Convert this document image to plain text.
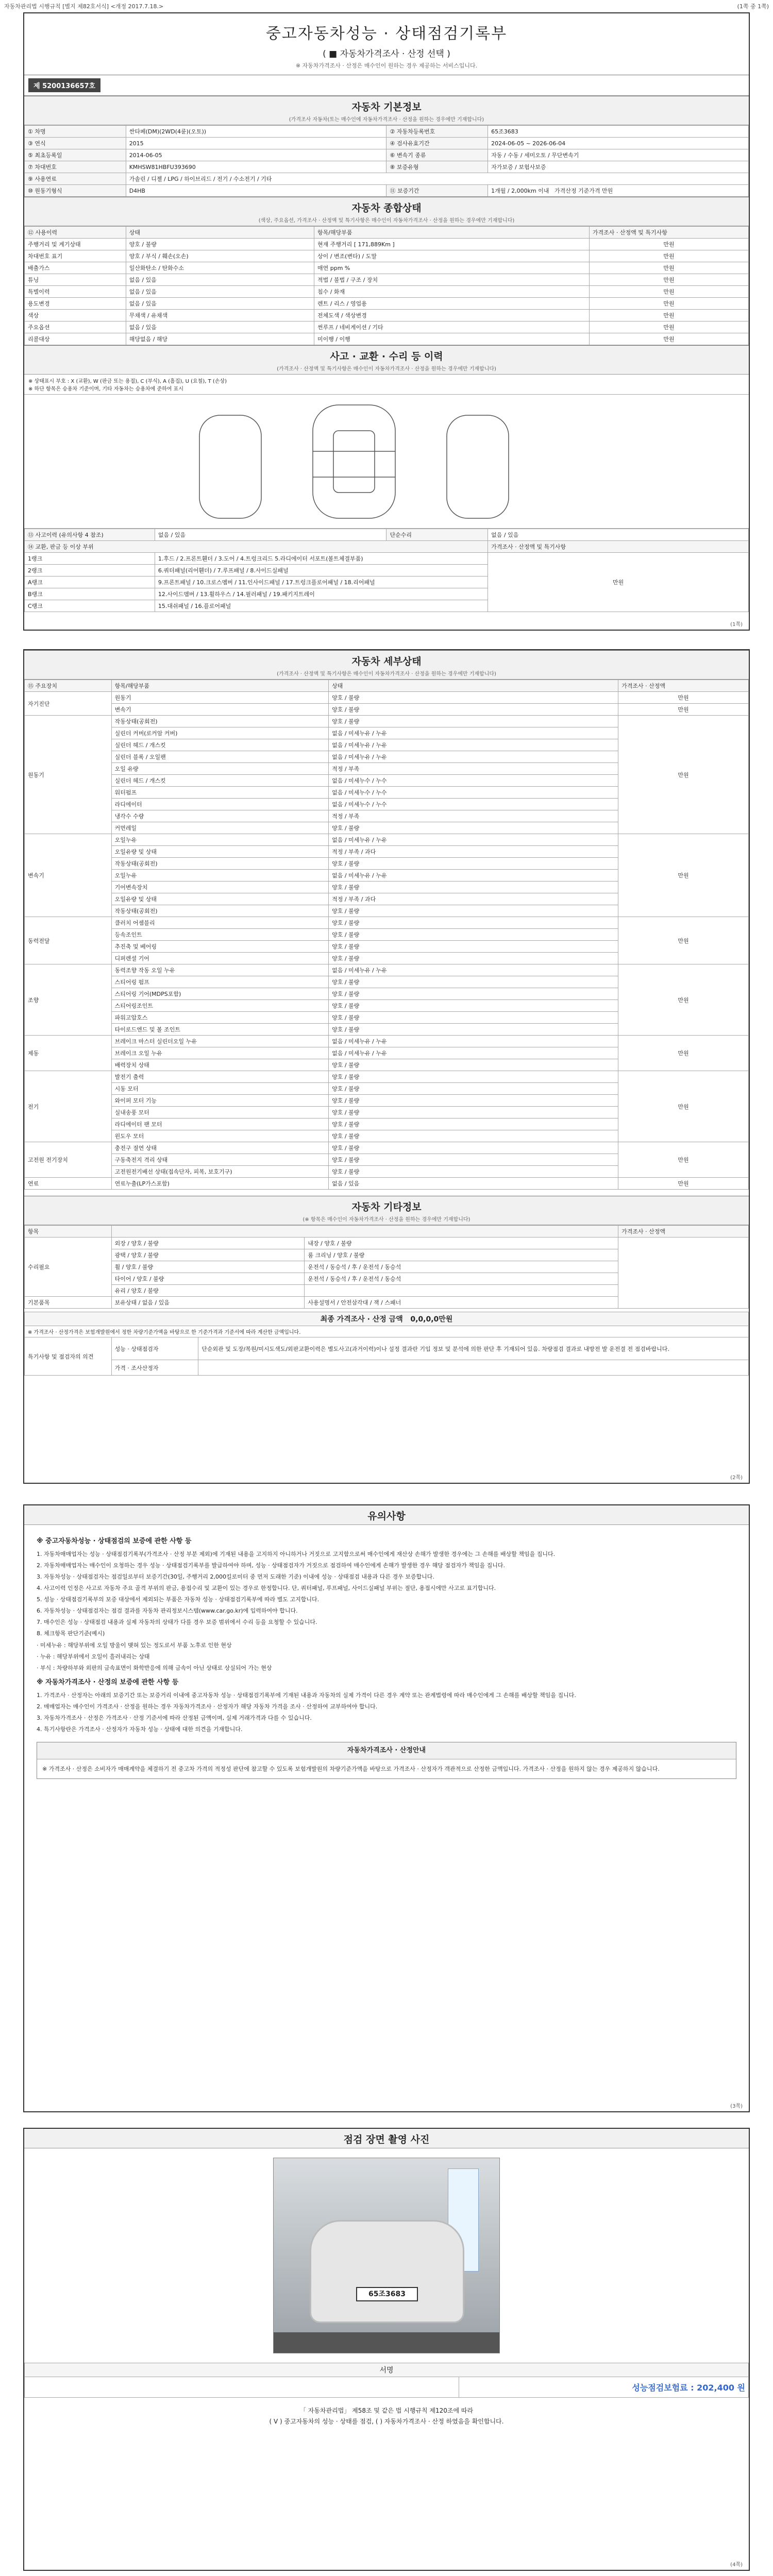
자동차관리법 시행규칙 [별지 제82호서식] <개정 2017.7.18.>	(1쪽 중 1쪽)
중고자동차성능 · 상태점검기록부
( ■ 자동차가격조사 · 산정 선택 )
※ 자동차가격조사 · 산정은 매수인이 원하는 경우 제공하는 서비스입니다.
제 5200136657호
자동차 기본정보
(가격조사 자동차(토는 매수인에 자동차가격조사 · 산정을 원하는 경우에만 기재합니다)
① 차명	싼타페(DM)(2WD(4륜)(오토))	② 자동차등록번호	65조3683
③ 연식	2015	④ 검사유효기간	2024-06-05 ~ 2026-06-04
⑤ 최초등록일	2014-06-05	⑥ 변속기 종류	자동 / 수동 / 세미오토 / 무단변속기
⑦ 차대번호	KMHSW81HBFU393690	⑧ 보증유형	자가보증 / 보험사보증
⑨ 사용연료	가솔린 / 디젤 / LPG / 하이브리드 / 전기 / 수소전기 / 기타		
⑩ 원동기형식	D4HB	⑪ 보증기간	1개월 / 2,000km 이내 가격산정 기준가격 만원
자동차 종합상태
(색상, 주요옵션, 가격조사 · 산정액 및 특기사항은 매수인이 자동차가격조사 · 산정을 원하는 경우에만 기재합니다)
⑫ 사용이력	상태	항목/해당부품	가격조사 · 산정액 및 특기사항
주행거리 및 계기상태	양호 / 불량	현재 주행거리 [ 171,889Km ]	만원
차대번호 표기	양호 / 부식 / 훼손(오손)	상이 / 변조(변타) / 도말	만원
배출가스	일산화탄소 / 탄화수소	매연 ppm %	만원
튜닝	없음 / 있음	적법 / 불법 / 구조 / 장치	만원
특별이력	없음 / 있음	침수 / 화재	만원
용도변경	없음 / 있음	렌트 / 리스 / 영업용	만원
색상	무채색 / 유채색	전체도색 / 색상변경	만원
주요옵션	없음 / 있음	썬루프 / 네비게이션 / 기타	만원
리콜대상	해당없음 / 해당	미이행 / 이행	만원
사고 · 교환 · 수리 등 이력
(가격조사 · 산정액 및 특기사항은 매수인이 자동차가격조사 · 산정을 원하는 경우에만 기재합니다)
※ 상태표시 부호 : X (교환), W (판금 또는 용접), C (부식), A (흠집), U (요철), T (손상)
※ 하단 항목은 승용차 기준이며, 기타 자동차는 승용차에 준하여 표시
⑬ 사고이력 (유의사항 4 참조)	없음 / 있음	단순수리	없음 / 있음
⑭ 교환, 판금 등 이상 부위			가격조사 · 산정액 및 특기사항
1랭크	1.후드 / 2.프론트휀더 / 3.도어 / 4.트렁크리드 5.라디에이터 서포트(볼트체결부품)		만원
2랭크	6.쿼터패널(리어휀더) / 7.루프패널 / 8.사이드실패널		
A랭크	9.프론트패널 / 10.크로스멤버 / 11.인사이드패널 / 17.트렁크플로어패널 / 18.리어패널		
B랭크	12.사이드멤버 / 13.휠하우스 / 14.필러패널 / 19.패키지트레이		
C랭크	15.대쉬패널 / 16.플로어패널		
(1쪽)
자동차 세부상태
(가격조사 · 산정액 및 특기사항은 매수인이 자동차가격조사 · 산정을 원하는 경우에만 기재합니다)
⑮ 주요장치	항목/해당부품	상태	가격조사 · 산정액
자기진단	원동기	양호 / 불량	만원
	변속기	양호 / 불량	만원
원동기	작동상태(공회전)	양호 / 불량	만원
	실린더 커버(로커암 커버)	없음 / 미세누유 / 누유	
	실린더 헤드 / 개스킷	없음 / 미세누유 / 누유	
	실린더 블록 / 오일팬	없음 / 미세누유 / 누유	
	오일 유량	적정 / 부족	
	실린더 헤드 / 개스킷	없음 / 미세누수 / 누수	
	워터펌프	없음 / 미세누수 / 누수	
	라디에이터	없음 / 미세누수 / 누수	
	냉각수 수량	적정 / 부족	
	커먼레일	양호 / 불량	
변속기	오일누유	없음 / 미세누유 / 누유	만원
	오일유량 및 상태	적정 / 부족 / 과다	
	작동상태(공회전)	양호 / 불량	
	오일누유	없음 / 미세누유 / 누유	
	기어변속장치	양호 / 불량	
	오일유량 및 상태	적정 / 부족 / 과다	
	작동상태(공회전)	양호 / 불량	
동력전달	클러치 어셈블리	양호 / 불량	만원
	등속조인트	양호 / 불량	
	추진축 및 베어링	양호 / 불량	
	디퍼렌셜 기어	양호 / 불량	
조향	동력조향 작동 오일 누유	없음 / 미세누유 / 누유	만원
	스티어링 펌프	양호 / 불량	
	스티어링 기어(MDPS포함)	양호 / 불량	
	스티어링조인트	양호 / 불량	
	파워고압호스	양호 / 불량	
	타이로드엔드 및 볼 조인트	양호 / 불량	
제동	브레이크 마스터 실린더오일 누유	없음 / 미세누유 / 누유	만원
	브레이크 오일 누유	없음 / 미세누유 / 누유	
	배력장치 상태	양호 / 불량	
전기	발전기 출력	양호 / 불량	만원
	시동 모터	양호 / 불량	
	와이퍼 모터 기능	양호 / 불량	
	실내송풍 모터	양호 / 불량	
	라디에이터 팬 모터	양호 / 불량	
	윈도우 모터	양호 / 불량	
고전원 전기장치	충전구 절연 상태	양호 / 불량	만원
	구동축전지 격리 상태	양호 / 불량	
	고전원전기배선 상태(접속단자, 피복, 보호기구)	양호 / 불량	
연료	연료누출(LP가스포함)	없음 / 있음	만원
자동차 기타정보
(※ 항목은 매수인이 자동차가격조사 · 산정을 원하는 경우에만 기재합니다)
항목			가격조사 · 산정액
수리필요	외장 / 양호 / 불량	내장 / 양호 / 불량	
	광택 / 양호 / 불량	룸 크리닝 / 양호 / 불량	
	휠 / 양호 / 불량	운전석 / 동승석 / 후 / 운전석 / 동승석	
	타이어 / 양호 / 불량	운전석 / 동승석 / 후 / 운전석 / 동승석	
	유리 / 양호 / 불량		
기본품목	보유상태 / 없음 / 있음	사용설명서 / 안전삼각대 / 잭 / 스패너	
최종 가격조사 · 산정 금액 0,0,0,0만원		
※ 가격조사 · 산정가격은 보험개발원에서 정한 차량기준가액을 바탕으로 한 기준가격과 기준서에 따라 계산한 금액입니다.		
특기사항 및 점검자의 의견	성능 · 상태점검자	단순외관 및 도장/복원/미시도색도/외판교환이력은 별도사고(과거이력)이나 설정 결과란 기입 정보 및 분석에 의한 판단 후 기재되어 있음. 차량점검 결과로 내방전 발 운전결 전 점검바랍니다.
	가격 · 조사산정자	
(2쪽)
유의사항
※ 중고자동차성능 · 상태점검의 보증에 관한 사항 등
1. 자동차매매업자는 성능 · 상태점검기록부(가격조사 · 산정 부분 제외)에 기재된 내용을 고지하지 아니하거나 거짓으로 고지함으로써 매수인에게 재산상 손해가 발생한 경우에는 그 손해를 배상할 책임을 집니다.
2. 자동차매매업자는 매수인이 요청하는 경우 성능 · 상태점검기록부를 발급하여야 하며, 성능 · 상태점검자가 거짓으로 점검하여 매수인에게 손해가 발생한 경우 해당 점검자가 책임을 집니다.
3. 자동차성능 · 상태점검자는 점검일로부터 보증기간(30일, 주행거리 2,000킬로미터 중 먼저 도래한 기준) 이내에 성능 · 상태점검 내용과 다른 경우 보증합니다.
4. 사고이력 인정은 사고로 자동차 주요 골격 부위의 판금, 용접수리 및 교환이 있는 경우로 한정합니다. 단, 쿼터패널, 루프패널, 사이드실패널 부위는 절단, 용접시에만 사고로 표기합니다.
5. 성능 · 상태점검기록부의 보증 대상에서 제외되는 부품은 자동차 성능 · 상태점검기록부에 따라 별도 고지합니다.
6. 자동차성능 · 상태점검자는 점검 결과를 자동차 관리정보시스템(www.car.go.kr)에 입력하여야 합니다.
7. 매수인은 성능 · 상태점검 내용과 실제 자동차의 상태가 다를 경우 보증 범위에서 수리 등을 요청할 수 있습니다.
8. 체크항목 판단기준(예시)
· 미세누유 : 해당부위에 오일 방울이 맺혀 있는 정도로서 부품 노후로 인한 현상
· 누유 : 해당부위에서 오일이 흘러내리는 상태
· 부식 : 차량하부와 외판의 금속표면이 화학반응에 의해 금속이 아닌 상태로 상실되어 가는 현상
※ 자동차가격조사 · 산정의 보증에 관한 사항 등
1. 가격조사 · 산정자는 아래의 보증기간 또는 보증거리 이내에 중고자동차 성능 · 상태점검기록부에 기재된 내용과 자동차의 실제 가격이 다른 경우 계약 또는 관계법령에 따라 매수인에게 그 손해를 배상할 책임을 집니다.
2. 매매업자는 매수인이 가격조사 · 산정을 원하는 경우 자동차가격조사 · 산정자가 해당 자동차 가격을 조사 · 산정하여 교부하여야 합니다.
3. 자동차가격조사 · 산정은 가격조사 · 산정 기준서에 따라 산정된 금액이며, 실제 거래가격과 다를 수 있습니다.
4. 특기사항란은 가격조사 · 산정자가 자동차 성능 · 상태에 대한 의견을 기재합니다.
자동차가격조사 · 산정안내
※ 가격조사 · 산정은 소비자가 매매계약을 체결하기 전 중고차 가격의 적정성 판단에 참고할 수 있도록 보험개발원의 차량기준가액을 바탕으로 가격조사 · 산정자가 객관적으로 산정한 금액입니다. 가격조사 · 산정을 원하지 않는 경우 제공하지 않습니다.
(3쪽)
점검 장면 촬영 사진
65조3683
서명
	성능점검보험료 : 202,400 원
「 자동차관리법」 제58조 및 같은 법 시행규칙 제120조에 따라
( V ) 중고자동차의 성능 · 상태를 점검, ( ) 자동차가격조사 · 산정 하였음을 확인합니다.
(4쪽)
